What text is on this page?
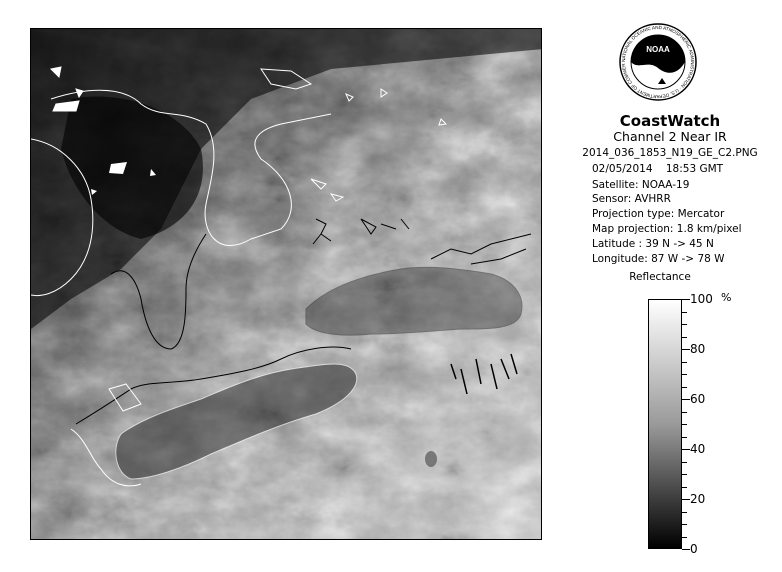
NOAA
NATIONAL OCEANIC AND ATMOSPHERIC ADMINISTRATION · U.S. DEPARTMENT OF COMMER
CoastWatch
Channel 2 Near IR
2014_036_1853_N19_GE_C2.PNG
02/05/2014    18:53 GMT
Satellite: NOAA-19
Sensor: AVHRR
Projection type: Mercator
Map projection: 1.8 km/pixel
Latitude : 39 N -> 45 N
Longitude: 87 W -> 78 W
Reflectance
%
100
80
60
40
20
0
